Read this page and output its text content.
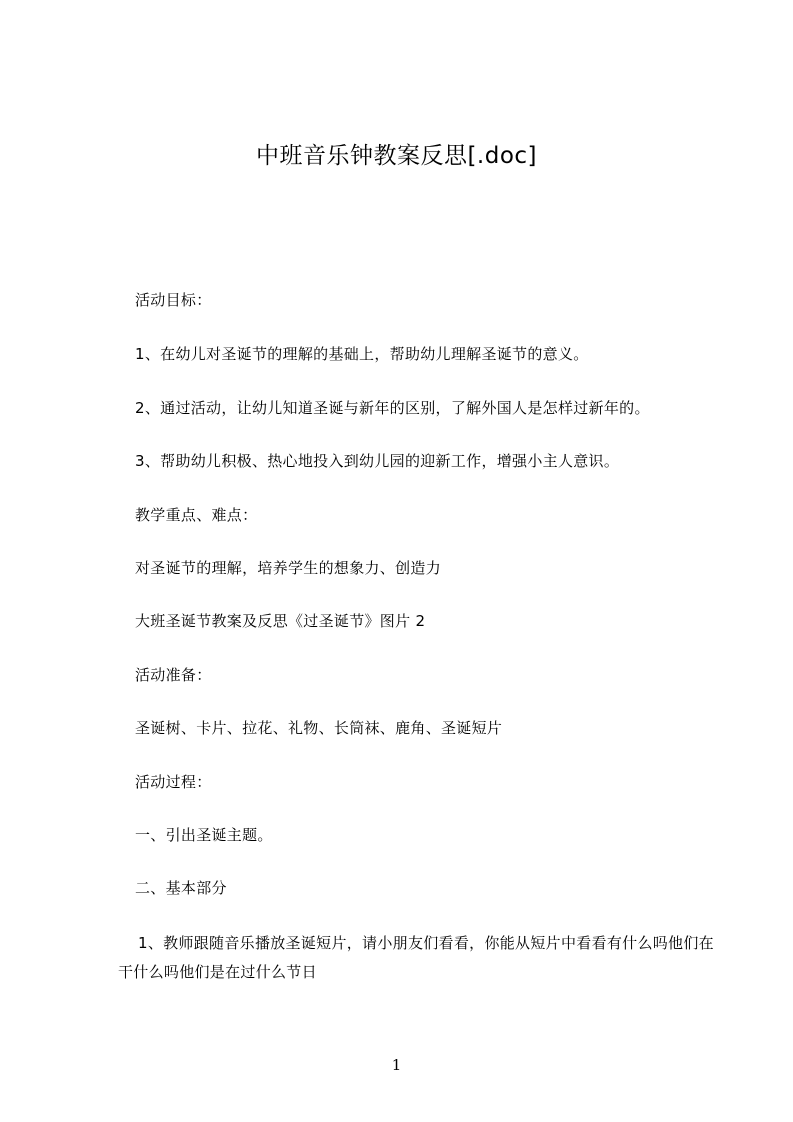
中班音乐钟教案反思[.doc]
活动目标：
1、在幼儿对圣诞节的理解的基础上，帮助幼儿理解圣诞节的意义。
2、通过活动，让幼儿知道圣诞与新年的区别，了解外国人是怎样过新年的。
3、帮助幼儿积极、热心地投入到幼儿园的迎新工作，增强小主人意识。
教学重点、难点：
对圣诞节的理解，培养学生的想象力、创造力
大班圣诞节教案及反思《过圣诞节》图片 2
活动准备：
圣诞树、卡片、拉花、礼物、长筒袜、鹿角、圣诞短片
活动过程：
一、引出圣诞主题。
二、基本部分
1、教师跟随音乐播放圣诞短片，请小朋友们看看，你能从短片中看看有什么吗他们在干什么吗他们是在过什么节日
1
